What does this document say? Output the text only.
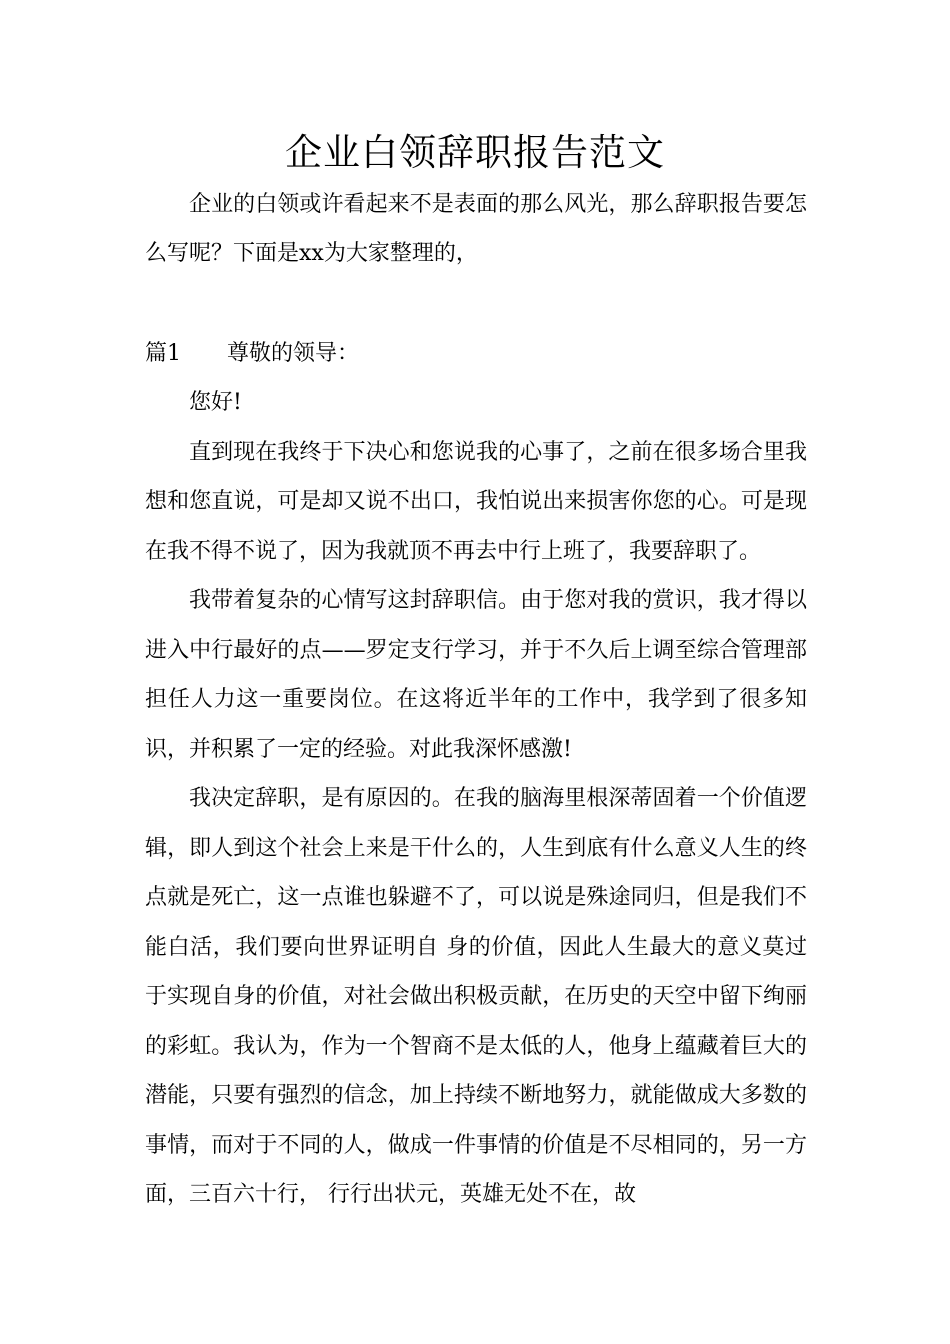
企业白领辞职报告范文
企业的白领或许看起来不是表面的那么风光，那么辞职报告要怎么写呢？下面是xx为大家整理的，
篇1 尊敬的领导：

您好!

直到现在我终于下决心和您说我的心事了，之前在很多场合里我想和您直说，可是却又说不出口，我怕说出来损害你您的心。可是现在我不得不说了，因为我就顶不再去中行上班了，我要辞职了。

我带着复杂的心情写这封辞职信。由于您对我的赏识，我才得以进入中行最好的点——罗定支行学习，并于不久后上调至综合管理部担任人力这一重要岗位。在这将近半年的工作中，我学到了很多知识，并积累了一定的经验。对此我深怀感激!

我决定辞职，是有原因的。在我的脑海里根深蒂固着一个价值逻辑，即人到这个社会上来是干什么的，人生到底有什么意义人生的终点就是死亡，这一点谁也躲避不了，可以说是殊途同归，但是我们不能白活，我们要向世界证明自 身的价值，因此人生最大的意义莫过于实现自身的价值，对社会做出积极贡献，在历史的天空中留下绚丽的彩虹。我认为，作为一个智商不是太低的人，他身上蕴藏着巨大的潜能，只要有强烈的信念，加上持续不断地努力，就能做成大多数的事情，而对于不同的人，做成一件事情的价值是不尽相同的，另一方面，三百六十行， 行行出状元，英雄无处不在，故
